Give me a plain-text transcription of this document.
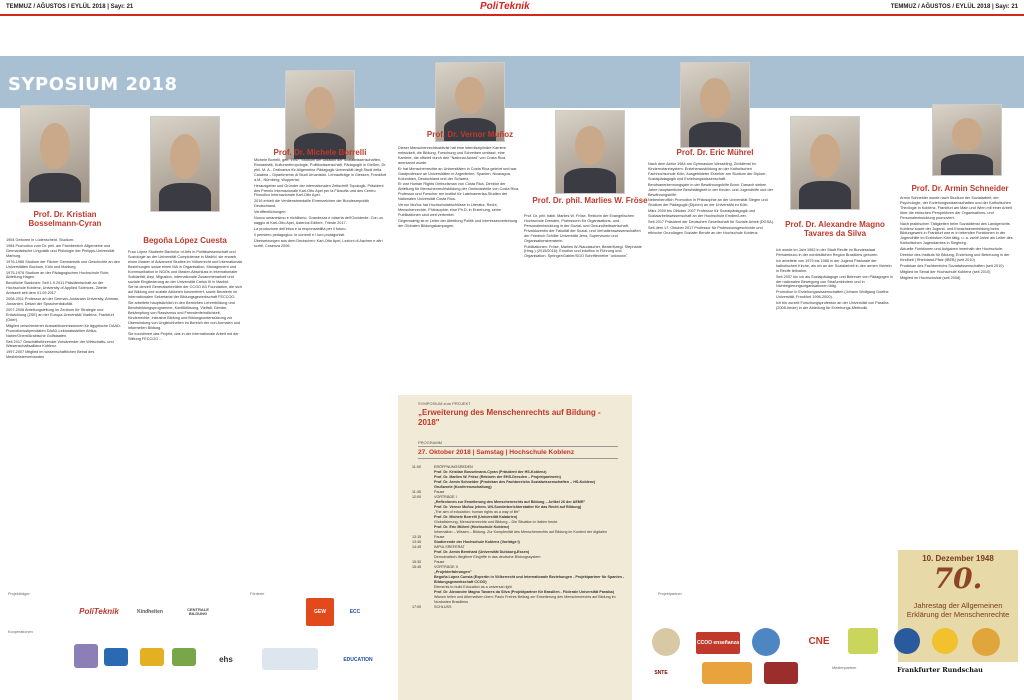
TEMMUZ / AĞUSTOS / EYLÜL 2018 | Sayı: 21	PoliTeknik	TEMMUZ / AĞUSTOS / EYLÜL 2018 | Sayı: 21
SYPOSIUM 2018
Prof. Dr. Kristian Bosselmann-Cyran

1954 Geboren in Lüdenscheid. Studium:

1984 Promotion zum Dr. phil. am Fachbereich Allgemeine und Germanistische Linguistik und Philologie der Philipps-Universität Marburg.

1976-1986 Studium der Fächer Germanistik und Geschichte an den Universitäten Bochum, Köln und Marburg.

1975-1976 Studium an der Pädagogischen Hochschule Ruhr, Abteilung Hagen.

Berufliche Stationen: Seit 1.9.2011 Präsidentschaft an der Hochschule Koblenz, University of Applied Sciences. Zweite Amtszeit seit dem 01.09.2017

2008-2011 Professur an der German-Jordanian University, Amman, Jordanien. Dekan der Sprachenfakultät.

2007-2008 Abteilungsleitung im Zentrum für Strategie und Entwicklung (ZSE) an der Europa-Universität Viadrina, Frankfurt (Oder).

Mitglied verschiedener Auswahlkommissionen für ägyptische DAAD-Promotionsstipendiaten DAAD-Lektoratsstellen Afrika-Naher/Orient/Arabische Golfstaaten.

Seit 2017 Geschäftsführender Vorsitzender der Wirtschafts- und Wissenschaftsallianz Koblenz.

1997-2007 Mitglied im wissenschaftlichen Beirat des Medizinisterverbandes

Begoña López Cuesta

Frau López Studierte Bachelor of Arts in Politikwissenschaft und Soziologie an der Universität Complutense in Madrid, sie erwarb einen Master of Advanced Studies im Völkerrecht und Internationale Beziehungen sowie einen MA in Organisation, Management und Kommunikation in NGOs und Master-Abschluss in internationaler Solidarität, Asyl, Migration, Internationale Zusammenarbeit und soziale Eingliederung an der Universität Carlos III in Madrid.

Sie ist derzeit Generalsekretärin der CCOO AS Foundation, die sich auf Bildung und soziale Aktionen konzentriert, sowie Beraterin im Internationalen Sekretariat der Bildungsgewerkschaft FECCOO.

Sie arbeitete hauptsächlich in den Bereichen Lehrerbildung und Berufsbildungsprogramme, Konfliktlösung, Vielfalt, Gender, Bekämpfung von Rassismus und Fremdenfeindlichkeit, Kinderrechte, inklusive Bildung und Bildungsunterstützung zur Überwindung von Ungleichheiten im Bereich der non-formalen und informellen Bildung.

Sie koordiniert das Projekt, das in der Internationale Arbeit mit der Stiftung FECCOO ...

Prof. Dr. Michele Borrelli

Michele Borrelli, geb. 1947, Studium der Didaktik der Sozialwissenschaften, Romanistik, Kulturanthropologie, Politikwissenschaft, Pädagogik in Gießen, Dr. phil. M. A., Ordinarius für Allgemeine Pädagogik Universität degli Studi della Calabria – Dipartimento di Studi Umanistici. Lehraufträge in Giessen, Frankfurt a.M., Nürnberg, Wuppertal.

Herausgeber und Gründer der internationalen Zeitschrift Topologik. Präsident des Premio Internazionale Karl-Otto Apel per la Filosofia und des Centro Filosofico Internazionale Karl-Otto Apel.

2016 erhielt die Verdienstmedaille Ehrenzeichen der Bundesrepublik Deutschland.

Veröffentlichungen:

Nuovo umanesimo e nichilismo. Grandezza e miseria dell'Occidente. Con un saggio di Karl-Otto Apel, Asterios Editore, Trieste 2017.

La produzione dell'etica e la responsabilità per il futuro.

Il pensiero pedagogico: le correnti e i loro protagonisti.

Übersetzungen aus dem Deutschen: Karl-Otto Apel, Lezioni di Aachen e altri scritti, Cosenza 2006.

Prof. Dr. Vernor Muñoz

Dieser Menschenrechtsaktivist hat eine interdisziplinäre Karriere entwickelt, die Bildung, Forschung und Schreiben umfasst, eine Karriere, die offiziell durch den "National Award" von Costa Rica anerkannt wurde.

Er hat Menschenrechte an Universitäten in Costa Rica gelehrt und war Gastprofessor an Universitäten in Argentinien, Spanien, Nicaragua, Kolumbien, Deutschland und der Schweiz.

Er war Human Rights Ombudsman von Costa Rica, Direktor der Abteilung für Menschenrechtsbildung der Ombudsstelle von Costa Rica, Professor und Forscher am Institut für Lateinamerika-Studien der Nationalen Universität Costa Rica.

Vernor Muñoz hat Hochschulabschlüsse in Literatur, Recht, Menschenrechte, Philosophie, eine Ph.D. in Erziehung, seine Publikationen sind weit verbreitet.

Gegenwärtig ist er Leiter der Abteilung Politik und Interessenvertretung der Globalen Bildungskampagne.

Prof. Dr. phil. Marlies W. Fröse

Prof. Dr. phil. habil. Marlies W. Fröse, Rektorin der Evangelischen Hochschule Dresden, Professorin für Organisations- und Personalentwicklung in der Sozial- und Gesundheitswirtschaft, Privatdozentin der Fakultät der Sozial- und Verhaltenswissenschaften der Friedrich Schiller Universität Jena, Supervisorin und Organisationsberaterin.

Publikationen: Fröse, Marlies W./Naudascher, Beate/Kaegi, Stephanie (Hrsg.) (2015/2016): Emotion und Intuition in Führung und Organisation. Springer/Gabler/SGO Schriftenreihe "unknown".

Prof. Dr. Eric Mührel

Nach dem Abitur 1984 am Gymnasium Wesseling, Zivildienst im Kindernotarztsystem. Erzieherausbildung an der Katholischen Fachhochschule Köln, Ausgebildeter Erzieher am Studium der Diplom-Sozialpädagogik und Erziehungswissenschaft.

Berufsanerkennungsjahr in der Bewährungshilfe Bonn. Danach sieben Jahre hauptamtliche Berufstätigkeit in der Kinder- und Jugendhilfe und der Bewährungshilfe.

Nebenberuflich Promotion in Philosophie an der Universität Siegen und Studium der Pädagogik (Diplom) an der Universität zu Köln.

März 2000 bis Oktober 2007 Professor für Sozialpädagogik und Sozialarbeitswissenschaft an der Hochschule Emden/Leer.

Seit 2017 Präsident der Deutschen Gesellschaft für Soziale Arbeit (DGSA).

Seit dem 17. Oktober 2017 Professor für Professionsgeschichte und ethische Grundlagen Sozialer Berufe an der Hochschule Koblenz.

Prof. Dr. Alexandre Magno Tavares da Silva

Ich wurde im Jahr 1962 in der Stadt Recife im Bundesstaat Pernambuco in der nordöstlichen Region Brasiliens geboren.

Ich arbeitete von 1979 bis 1985 in der Jugend Pastorale der katholischen Kirche, als ich an der Sozialarbeit in den armen Vierteln in Recife teilnahm.

Seit 2007 bin ich als Sozialpädagoge und Betreuer von Pädagogen in der nationalen Bewegung von Straßenkindern und in Nichtregierungsorganisationen tätig.

Promotion in Erziehungswissenschaften (Johann Wolfgang Goethe Universität, Frankfurt 1996-2000).

Ich bin zurzeit Forschungsprofessor an der Universität von Paraíba (2008-heute) in der Abteilung für Erziehungs-Methodik.

Prof. Dr. Armin Schneider

Armin Schneider wurde nach Studium der Sozialarbeit, der Psychologie, der Erziehungswissenschaften und der Katholischen Theologie in Koblenz, Frankfurt am Main und Wien mit einer Arbeit über die ethischen Perspektiven der Organisations- und Personalentwicklung promoviert.

Nach praktischen Tätigkeiten beim Sozialdienst des Landgerichts Koblenz sowie der Jugend- und Erwachsenenbildung beim Bildungswerk in Frankfurt war er in leitenden Funktionen in der Jugendhilfe im Erzbistum Köln tätig, u. a. zwölf Jahre als Leiter des Katholischen Jugendamtes in Siegburg.

Aktuelle Funktionen und Aufgaben innerhalb der Hochschule:

Direktor des Instituts für Bildung, Erziehung und Betreuung in der Kindheit | Rheinland-Pfalz (IBEB) (seit 2010)

Prodekan des Fachbereichs Sozialwissenschaften (seit 2010)

Mitglied im Senat der Hochschule Koblenz (seit 2010)

Mitglied im Hochschulrat (seit 2008)

SYMPOSIUM zum PROJEKT
„Erweiterung des Menschenrechts auf Bildung - 2018"
PROGRAMM
27. Oktober 2018 | Samstag | Hochschule Koblenz
11:00	ERÖFFNUNGSREDEN
Prof. Dr. Kristian Bosselmann-Cyran (Präsident der HS-Koblenz)
Prof. Dr. Marlies W. Fröse (Rektorin der EHS-Dresden – Projektpartnerin)
Prof. Dr. Armin Schneider (Prodekan des Fachbereichs Sozialwissenschaften – HS-Koblenz)
Grußworte (Konferenzschaltung)
11:45	Pause
12:00	VORTRÄGE I
„Reflexionen zur Erweiterung des Menschenrechts auf Bildung – Artikel 26 der AEMR"
Prof. Dr. Vernor Muñoz (ehem. UN-Sonderberichterstatter für das Recht auf Bildung)
„The aim of education: human rights as a way of life"
Prof. Dr. Michele Borrelli (Universität Kalabrien)
Globalisierung, Menschenrechte und Bildung – Die Situation in Italien heute
Prof. Dr. Eric Mührel (Hochschule Koblenz)
Information – Wissen – Bildung. Zur Komplexität des Menschenrechts auf Bildung im Kontext der digitalen
13:15	Pause
13:45	Studierende der Hochschule Koblenz (Vorträge I)
14:45	IMPULSREFERAT
Prof. Dr. Armin Bernhard (Universität Duisburg-Essen)
Demokratisch-Illegitime Eingriffe in das deutsche Bildungssystem
15:30	Pause
15:45	VORTRÄGE II
„Projekterfahrungen"
Begoña López Cuesta (Expertin in Völkerrecht und Internationale Beziehungen - Projektpartner für Spanien - Bildungsgewerkschaft CCOO)
Elements to build Education as a universal right
Prof. Dr. Alexandre Magno Tavares da Silva (Projektpartner für Brasilien - Föderale Universität Paraíba)
Wissen teilen und Alternativen üben: Paulo Freires Beitrag zur Erweiterung des Menschenrechts auf Bildung im Nordosten Brasiliens
17:00	SCHLUSS
10. Dezember 1948
70.
Jahrestag der Allgemeinen Erklärung der Menschenrechte
Projektträger
Kooperationen
Förderer
PoliTeknik	Kindheiten	CENTRALE BILDUNG	GEW	ECC
ehs	EDUCATION
Projektpartner
Medienpartner
CCOO enseñanza	CNE
SNTE	Frankfurter Rundschau
